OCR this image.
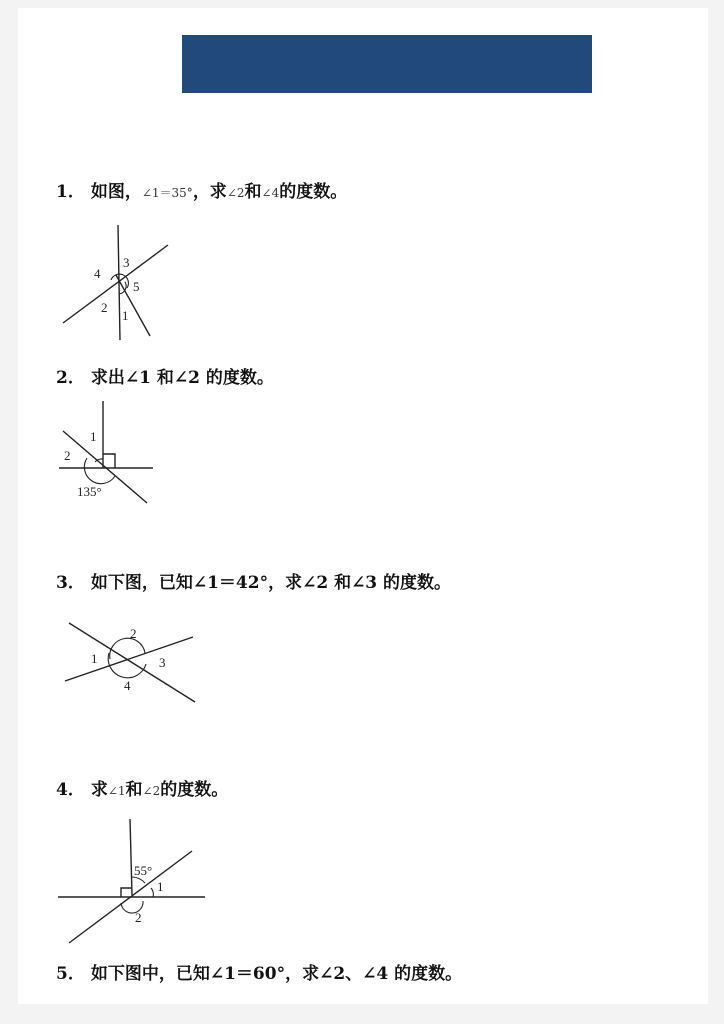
1． 如图，∠1＝35°，求∠2和∠4的度数。
4
3
5
2
1
2． 求出∠1 和∠2 的度数。
1
2
135°
3． 如下图，已知∠1＝42°，求∠2 和∠3 的度数。
2
1	3
4
4． 求∠1和∠2的度数。
55°
1
2
5． 如下图中，已知∠1＝60°，求∠2、∠4 的度数。
